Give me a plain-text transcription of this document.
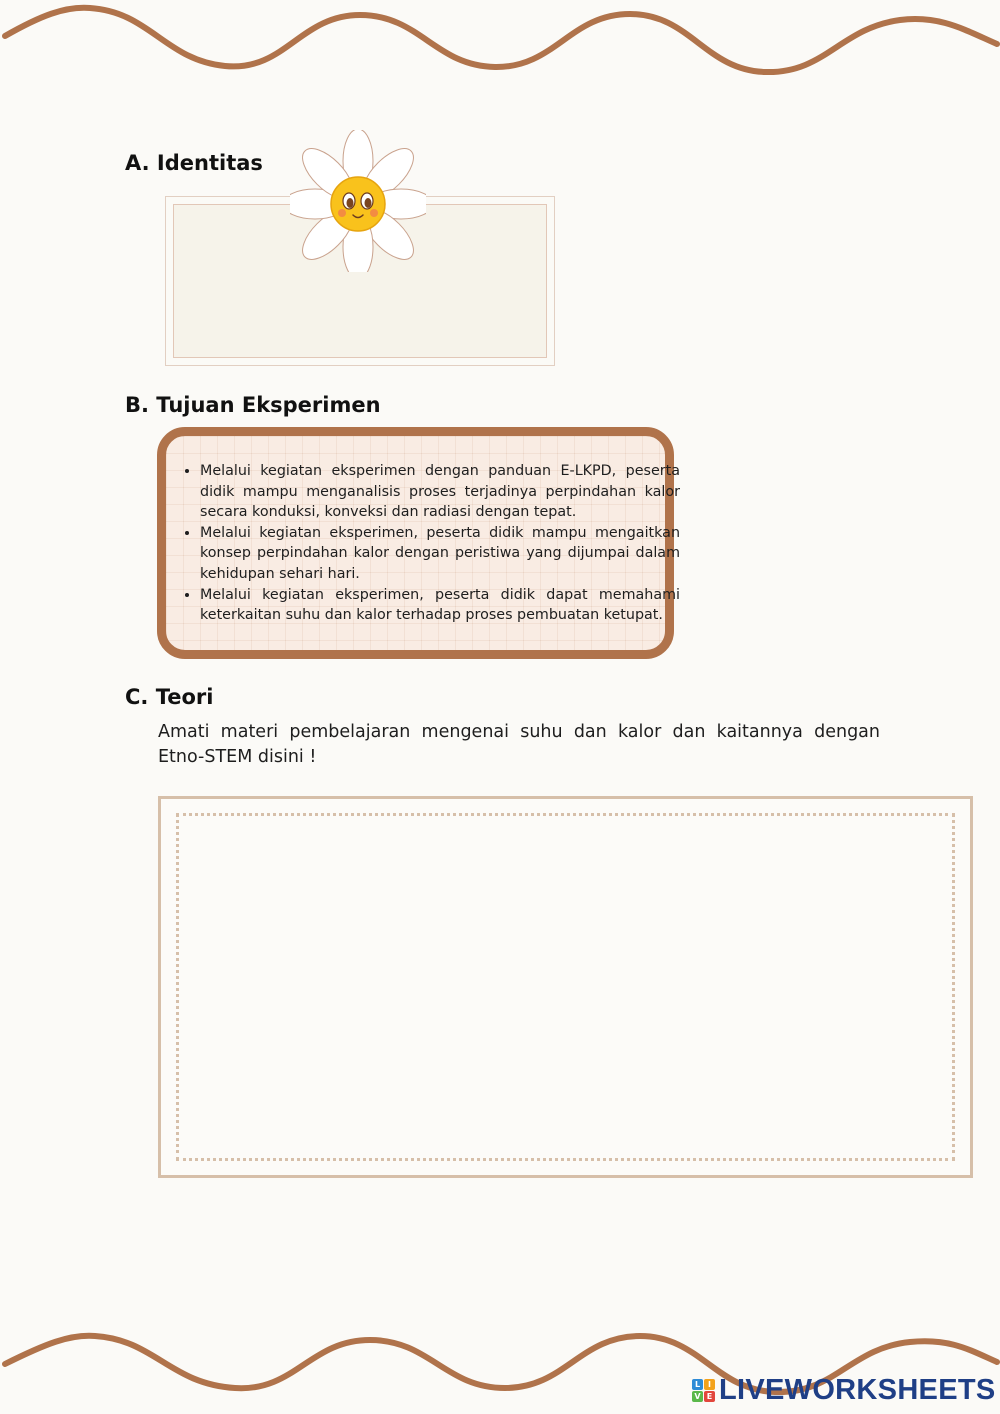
A. Identitas
B. Tujuan Eksperimen
• Melalui kegiatan eksperimen dengan panduan E-LKPD, peserta didik mampu menganalisis proses terjadinya perpindahan kalor secara konduksi, konveksi dan radiasi dengan tepat.
• Melalui kegiatan eksperimen, peserta didik mampu mengaitkan konsep perpindahan kalor dengan peristiwa yang dijumpai dalam kehidupan sehari hari.
• Melalui kegiatan eksperimen, peserta didik dapat memahami keterkaitan suhu dan kalor terhadap proses pembuatan ketupat.
C. Teori

Amati materi pembelajaran mengenai suhu dan kalor dan kaitannya dengan Etno-STEM disini !

L I
V E LIVEWORKSHEETS
